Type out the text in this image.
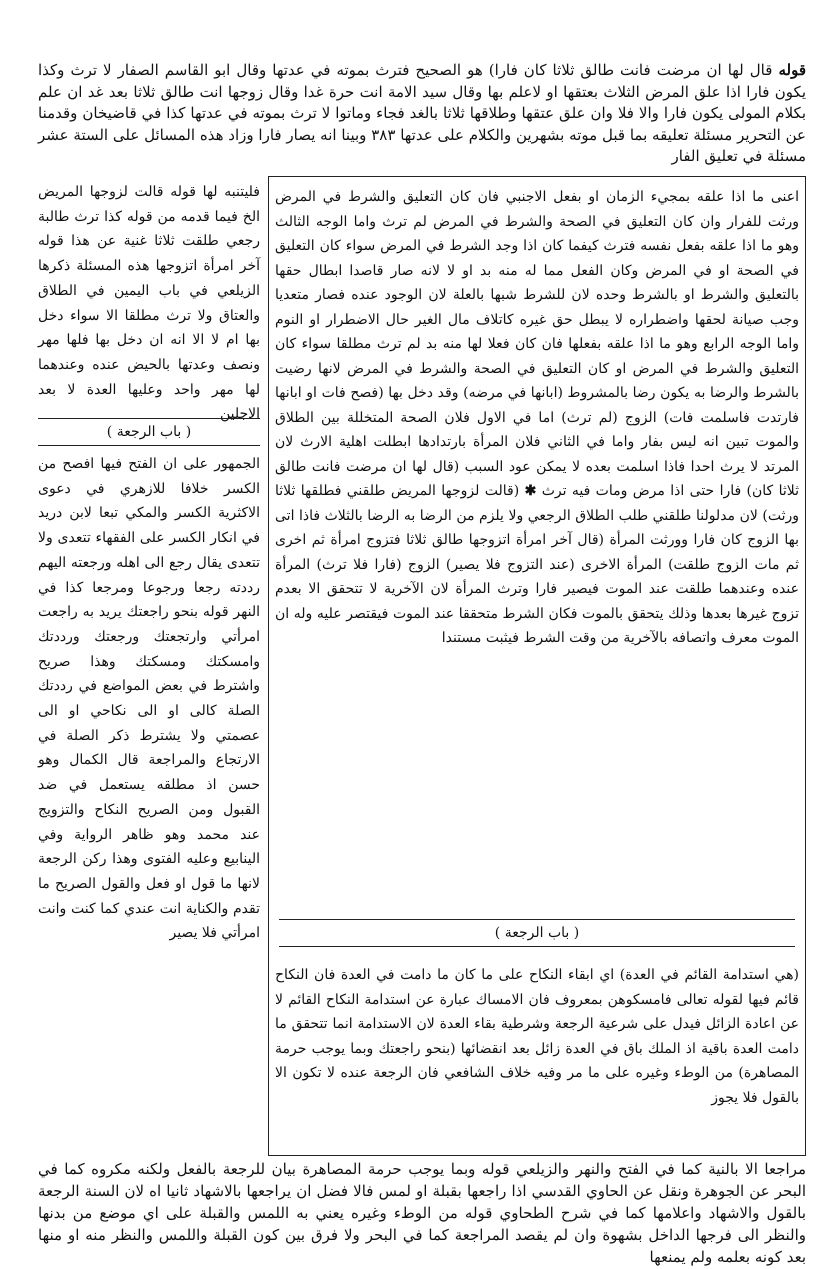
قوله قال لها ان مرضت فانت طالق ثلاثا كان فارا) هو الصحيح فترث بموته في عدتها وقال ابو القاسم الصفار لا ترث وكذا يكون فارا اذا علق المرض الثلاث بعتقها او لاعلم بها وقال سيد الامة انت حرة غدا وقال زوجها انت طالق ثلاثا بعد غد ان علم بكلام المولى يكون فارا والا فلا وان علق عتقها وطلاقها ثلاثا بالغد فجاء وماتوا لا ترث بموته في عدتها كذا في قاضيخان وقدمنا عن التحرير مسئلة تعليقه بما قبل موته بشهرين والكلام على عدتها ۳۸۳ وبينا انه يصار فارا وزاد هذه المسائل على الستة عشر مسئلة في تعليق الفار
اعنى ما اذا علقه بمجيء الزمان او بفعل الاجنبي فان كان التعليق والشرط في المرض ورثت للفرار وان كان التعليق في الصحة والشرط في المرض لم ترث واما الوجه الثالث وهو ما اذا علقه بفعل نفسه فترث كيفما كان اذا وجد الشرط في المرض سواء كان التعليق في الصحة او في المرض وكان الفعل مما له منه بد او لا لانه صار قاصدا ابطال حقها بالتعليق والشرط او بالشرط وحده لان للشرط شبها بالعلة لان الوجود عنده فصار متعديا وجب صيانة لحقها واضطراره لا يبطل حق غيره كاتلاف مال الغير حال الاضطرار او النوم واما الوجه الرابع وهو ما اذا علقه بفعلها فان كان فعلا لها منه بد لم ترث مطلقا سواء كان التعليق والشرط في المرض او كان التعليق في الصحة والشرط في المرض لانها رضيت بالشرط والرضا به يكون رضا بالمشروط (ابانها في مرضه) وقد دخل بها (فصح فات او ابانها فارتدت فاسلمت فات) الزوج (لم ترث) اما في الاول فلان الصحة المتخللة بين الطلاق والموت تبين انه ليس بفار واما في الثاني فلان المرأة بارتدادها ابطلت اهلية الارث لان المرتد لا يرث احدا فاذا اسلمت بعده لا يمكن عود السبب (قال لها ان مرضت فانت طالق ثلاثا كان) فارا حتى اذا مرض ومات فيه ترث ✱ (قالت لزوجها المريض طلقني فطلقها ثلاثا ورثت) لان مدلولنا طلقني طلب الطلاق الرجعي ولا يلزم من الرضا به الرضا بالثلاث فاذا اتى بها الزوج كان فارا وورثت المرأة (قال آخر امرأة اتزوجها طالق ثلاثا فتزوج امرأة ثم اخرى ثم مات الزوج طلقت) المرأة الاخرى (عند التزوج فلا يصير) الزوج (فارا فلا ترث) المرأة عنده وعندهما طلقت عند الموت فيصير فارا وترث المرأة لان الآخرية لا تتحقق الا بعدم تزوج غيرها بعدها وذلك يتحقق بالموت فكان الشرط متحققا عند الموت فيقتصر عليه وله ان الموت معرف واتصافه بالآخرية من وقت الشرط فيثبت مستندا
( باب الرجعة )
(هي استدامة القائم في العدة) اي ابقاء النكاح على ما كان ما دامت في العدة فان النكاح قائم فيها لقوله تعالى فامسكوهن بمعروف فان الامساك عبارة عن استدامة النكاح القائم لا عن اعادة الزائل فيدل على شرعية الرجعة وشرطية بقاء العدة لان الاستدامة انما تتحقق ما دامت العدة باقية اذ الملك باق في العدة زائل بعد انقضائها (بنحو راجعتك وبما يوجب حرمة المصاهرة) من الوطء وغيره على ما مر وفيه خلاف الشافعي فان الرجعة عنده لا تكون الا بالقول فلا يجوز
فليتنبه لها قوله قالت لزوجها المريض الخ فيما قدمه من قوله كذا ترث طالبة رجعي طلقت ثلاثا غنية عن هذا قوله آخر امرأة اتزوجها هذه المسئلة ذكرها الزيلعي في باب اليمين في الطلاق والعتاق ولا ترث مطلقا الا سواء دخل بها ام لا الا انه ان دخل بها فلها مهر ونصف وعدتها بالحيض عنده وعندهما لها مهر واحد وعليها العدة لا بعد الاجلين
( باب الرجعة )
الجمهور على ان الفتح فيها افصح من الكسر خلافا للازهري في دعوى الاكثرية الكسر والمكي تبعا لابن دريد في انكار الكسر على الفقهاء تتعدى ولا تتعدى يقال رجع الى اهله ورجعته اليهم رددته رجعا ورجوعا ومرجعا كذا في النهر قوله بنحو راجعتك يريد به راجعت امرأتي وارتجعتك ورجعتك ورددتك وامسكتك ومسكتك وهذا صريح واشترط في بعض المواضع في رددتك الصلة كالى او الى نكاحي او الى عصمتي ولا يشترط ذكر الصلة في الارتجاع والمراجعة قال الكمال وهو حسن اذ مطلقه يستعمل في ضد القبول ومن الصريح النكاح والتزويج عند محمد وهو ظاهر الرواية وفي الينابيع وعليه الفتوى وهذا ركن الرجعة لانها ما قول او فعل والقول الصريح ما تقدم والكناية انت عندي كما كنت وانت امرأتي فلا يصير
مراجعا الا بالنية كما في الفتح والنهر والزيلعي قوله وبما يوجب حرمة المصاهرة بيان للرجعة بالفعل ولكنه مكروه كما في البحر عن الجوهرة ونقل عن الحاوي القدسي اذا راجعها بقبلة او لمس فالا فضل ان يراجعها بالاشهاد ثانيا اه لان السنة الرجعة بالقول والاشهاد واعلامها كما في شرح الطحاوي قوله من الوطء وغيره يعني به اللمس والقبلة على اي موضع من بدنها والنظر الى فرجها الداخل بشهوة وان لم يقصد المراجعة كما في البحر ولا فرق بين كون القبلة واللمس والنظر منه او منها بعد كونه بعلمه ولم يمنعها
